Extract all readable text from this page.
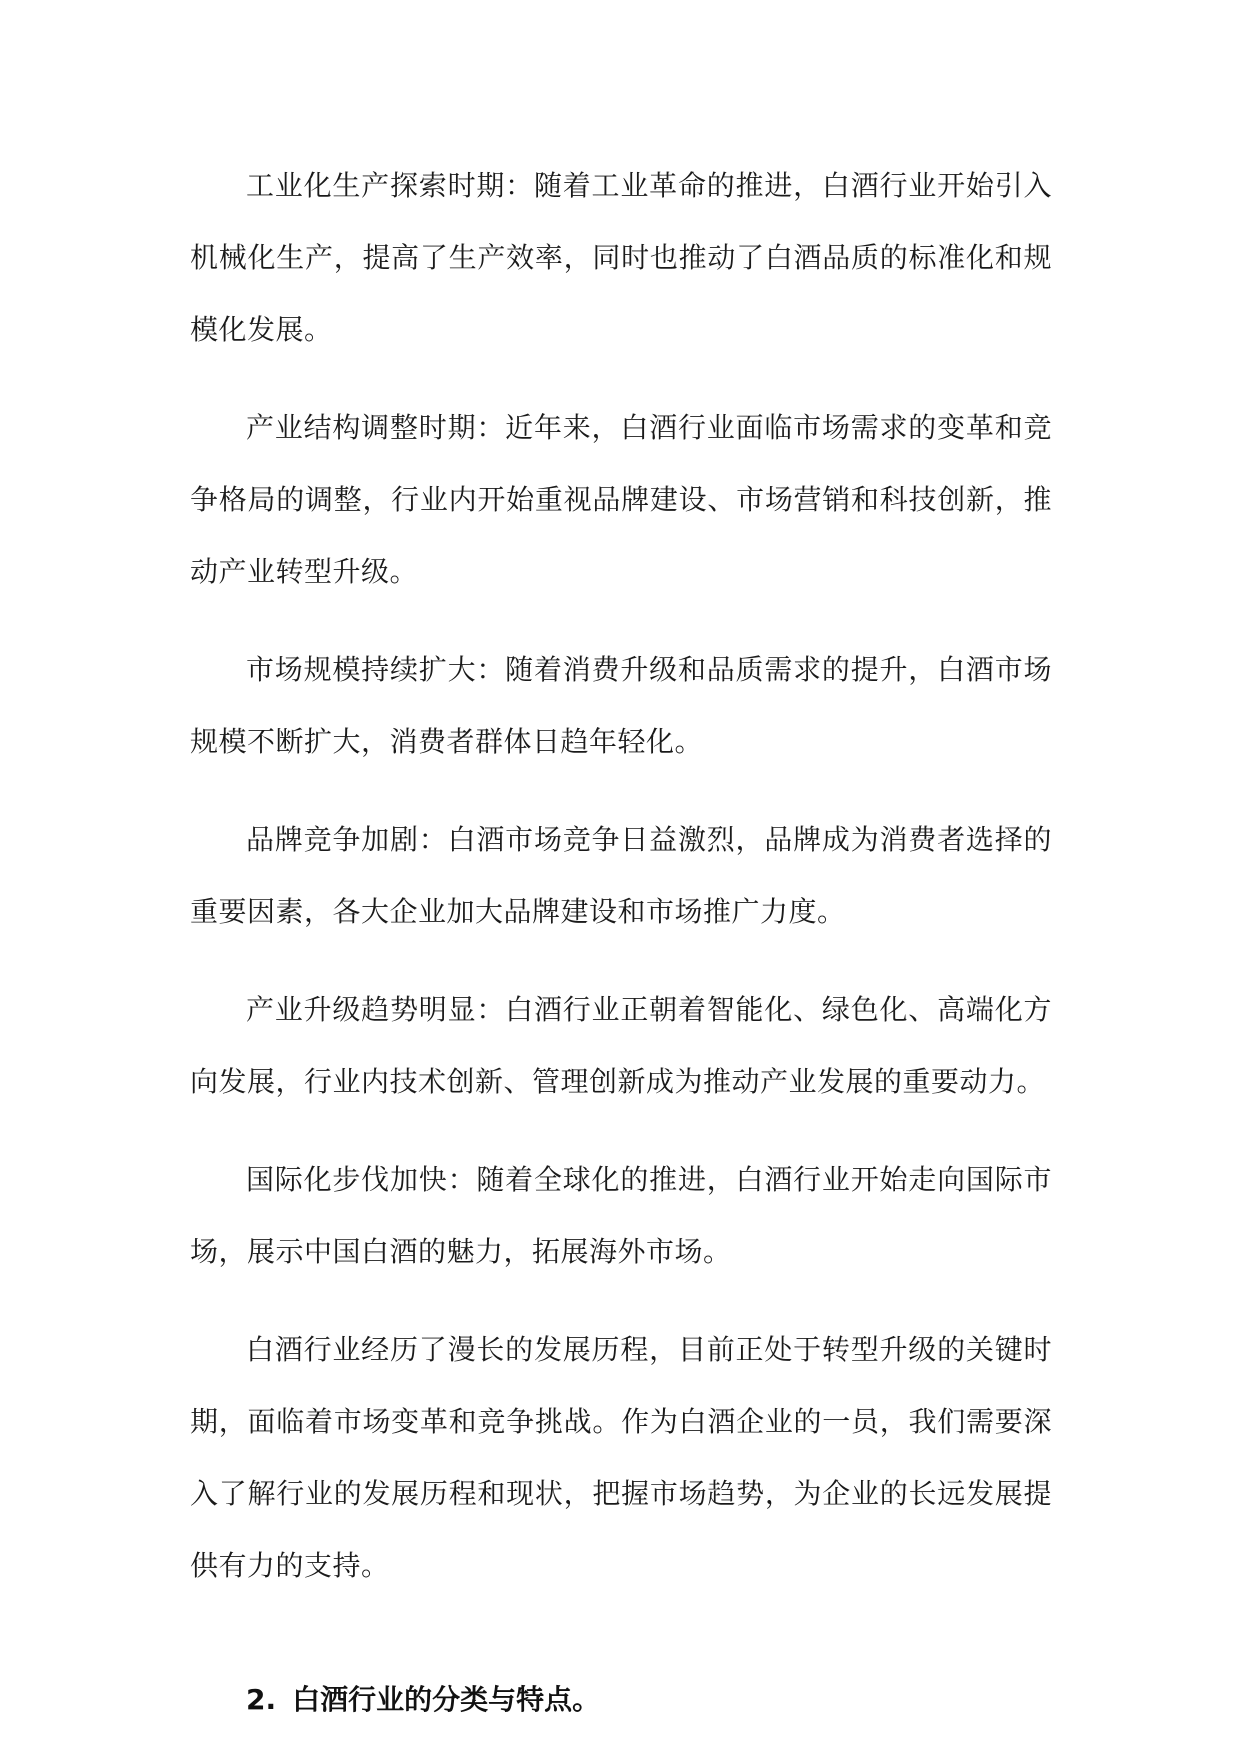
工业化生产探索时期：随着工业革命的推进，白酒行业开始引入机械化生产，提高了生产效率，同时也推动了白酒品质的标准化和规模化发展。

产业结构调整时期：近年来，白酒行业面临市场需求的变革和竞争格局的调整，行业内开始重视品牌建设、市场营销和科技创新，推动产业转型升级。

市场规模持续扩大：随着消费升级和品质需求的提升，白酒市场规模不断扩大，消费者群体日趋年轻化。

品牌竞争加剧：白酒市场竞争日益激烈，品牌成为消费者选择的重要因素，各大企业加大品牌建设和市场推广力度。

产业升级趋势明显：白酒行业正朝着智能化、绿色化、高端化方向发展，行业内技术创新、管理创新成为推动产业发展的重要动力。

国际化步伐加快：随着全球化的推进，白酒行业开始走向国际市场，展示中国白酒的魅力，拓展海外市场。

白酒行业经历了漫长的发展历程，目前正处于转型升级的关键时期，面临着市场变革和竞争挑战。作为白酒企业的一员，我们需要深入了解行业的发展历程和现状，把握市场趋势，为企业的长远发展提供有力的支持。

2. 白酒行业的分类与特点。
